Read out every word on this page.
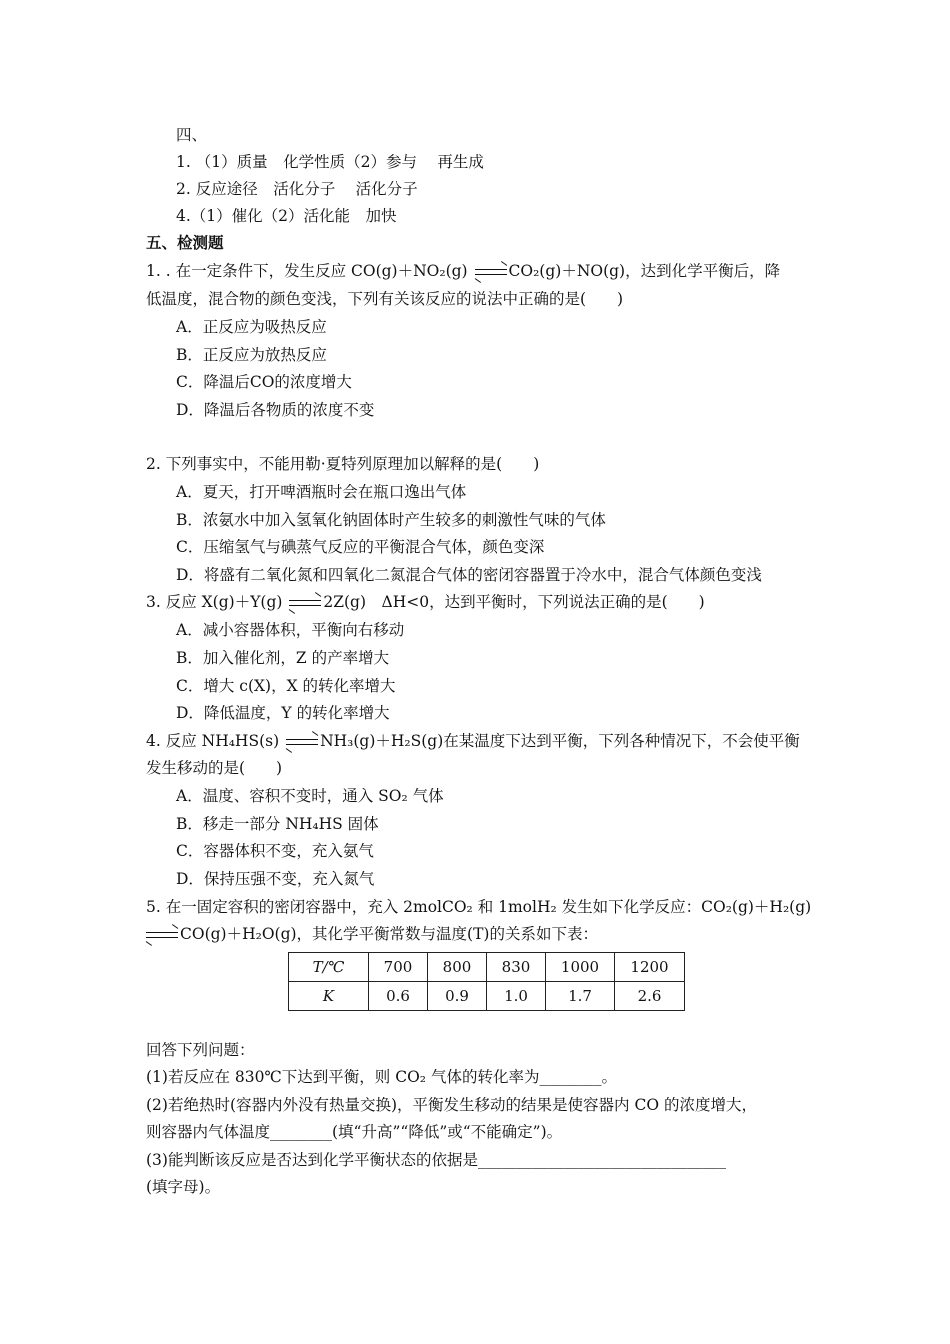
四、
1. （1）质量　化学性质（2）参与　 再生成
2. 反应途径　活化分子　 活化分子
4.（1）催化（2）活化能　加快
五、检测题
1. . 在一定条件下，发生反应 CO(g)＋NO₂(g)
CO₂(g)＋NO(g)，达到化学平衡后，降
低温度，混合物的颜色变浅，下列有关该反应的说法中正确的是(　　)
A．正反应为吸热反应
B．正反应为放热反应
C．降温后CO的浓度增大
D．降温后各物质的浓度不变
2. 下列事实中，不能用勒·夏特列原理加以解释的是(　　)
A．夏天，打开啤酒瓶时会在瓶口逸出气体
B．浓氨水中加入氢氧化钠固体时产生较多的刺激性气味的气体
C．压缩氢气与碘蒸气反应的平衡混合气体，颜色变深
D．将盛有二氧化氮和四氧化二氮混合气体的密闭容器置于冷水中，混合气体颜色变浅
3. 反应 X(g)＋Y(g)
2Z(g)　ΔH<0，达到平衡时，下列说法正确的是(　　)
A．减小容器体积，平衡向右移动
B．加入催化剂，Z 的产率增大
C．增大 c(X)，X 的转化率增大
D．降低温度，Y 的转化率增大
4. 反应 NH₄HS(s)
NH₃(g)＋H₂S(g)在某温度下达到平衡，下列各种情况下，不会使平衡
发生移动的是(　　)
A．温度、容积不变时，通入 SO₂ 气体
B．移走一部分 NH₄HS 固体
C．容器体积不变，充入氨气
D．保持压强不变，充入氮气
5. 在一固定容积的密闭容器中，充入 2molCO₂ 和 1molH₂ 发生如下化学反应：CO₂(g)＋H₂(g)
CO(g)＋H₂O(g)，其化学平衡常数与温度(T)的关系如下表：
T/℃	700	800	830	1000	1200
K	0.6	0.9	1.0	1.7	2.6
回答下列问题：
(1)若反应在 830℃下达到平衡，则 CO₂ 气体的转化率为________。
(2)若绝热时(容器内外没有热量交换)，平衡发生移动的结果是使容器内 CO 的浓度增大，
则容器内气体温度________(填“升高”“降低”或“不能确定”)。
(3)能判断该反应是否达到化学平衡状态的依据是________________________________
(填字母)。
